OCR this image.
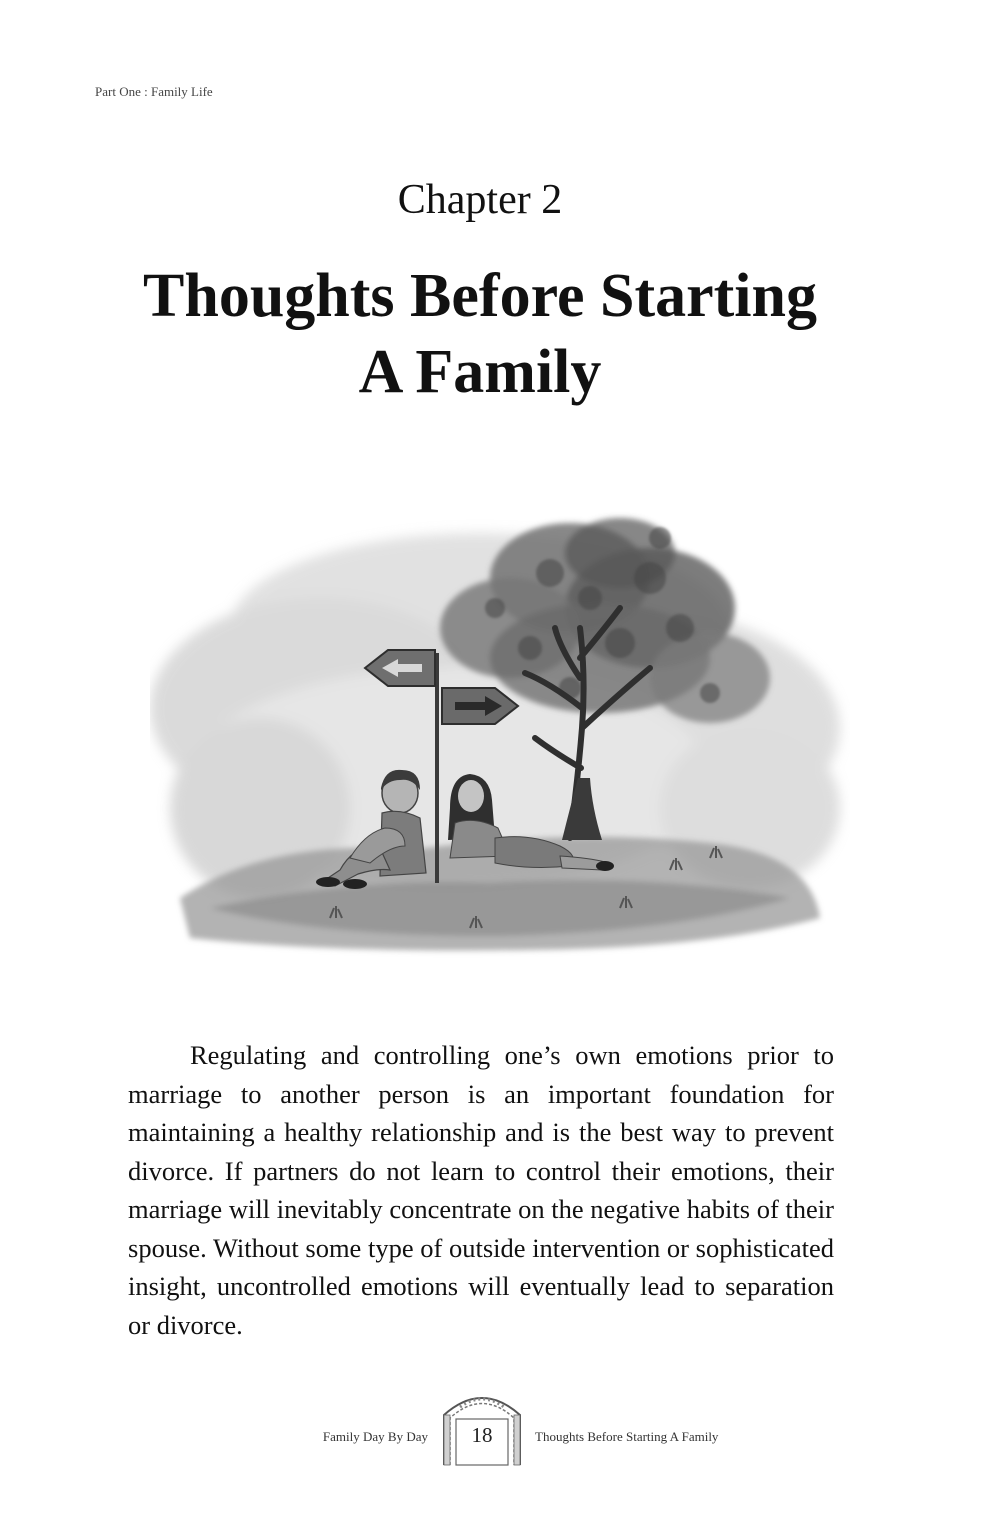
Part One : Family Life
Chapter 2
Thoughts Before Starting
A Family

Regulating and controlling one’s own emotions prior to marriage to another person is an important foundation for maintaining a healthy relationship and is the best way to prevent divorce. If partners do not learn to control their emotions, their marriage will inevitably concentrate on the negative habits of their spouse. Without some type of outside intervention or sophisticated insight, uncontrolled emotions will eventually lead to separation or divorce.

Family Day By Day	18	Thoughts Before Starting A Family
